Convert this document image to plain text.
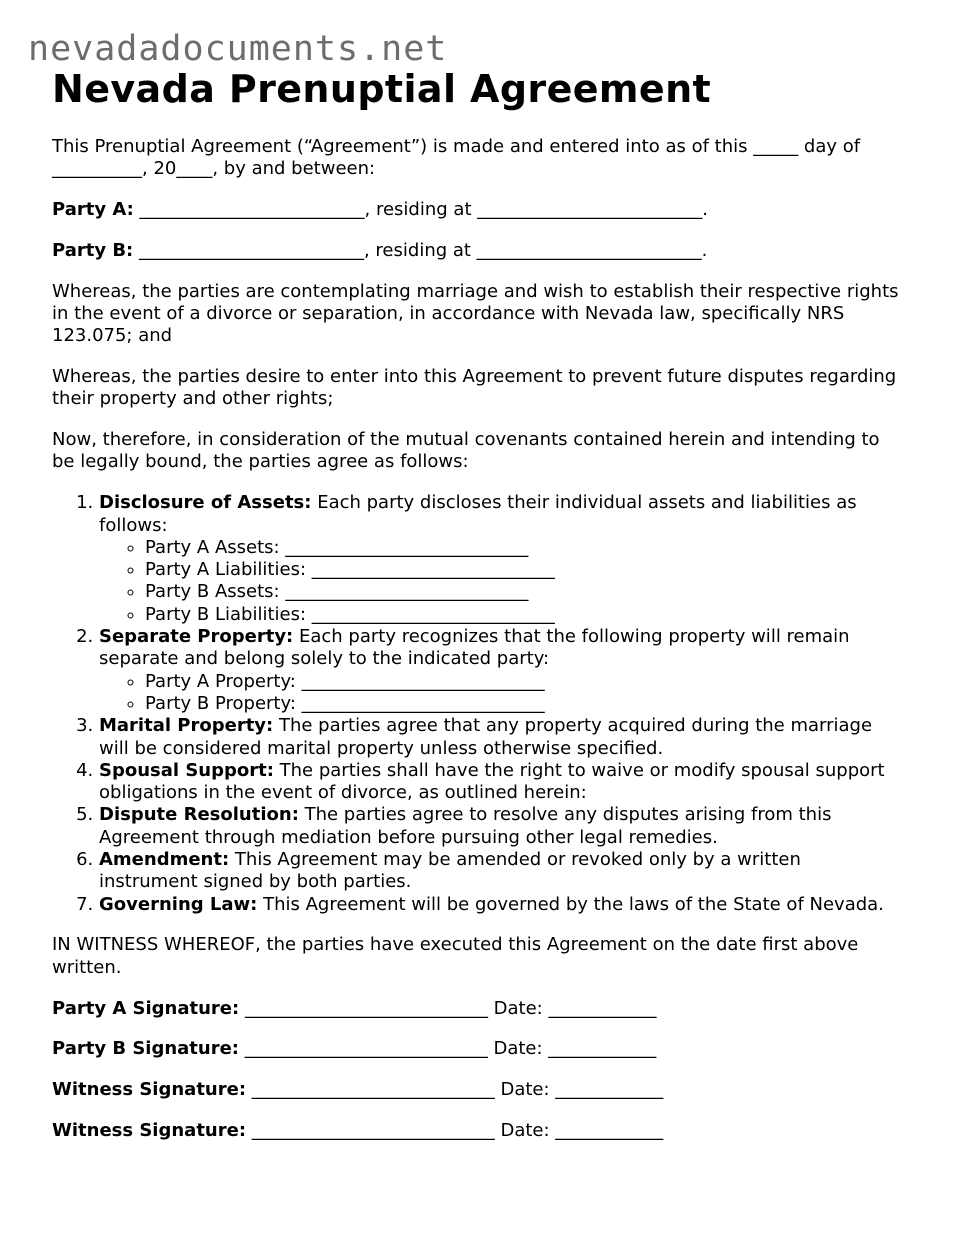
nevadadocuments.net
Nevada Prenuptial Agreement

This Prenuptial Agreement (“Agreement”) is made and entered into as of this _____ day of __________, 20____, by and between:

Party A: _________________________, residing at _________________________.

Party B: _________________________, residing at _________________________.

Whereas, the parties are contemplating marriage and wish to establish their respective rights in the event of a divorce or separation, in accordance with Nevada law, specifically NRS 123.075; and

Whereas, the parties desire to enter into this Agreement to prevent future disputes regarding their property and other rights;

Now, therefore, in consideration of the mutual covenants contained herein and intending to be legally bound, the parties agree as follows:

1. Disclosure of Assets: Each party discloses their individual assets and liabilities as follows:
◦ Party A Assets: ___________________________
◦ Party A Liabilities: ___________________________
◦ Party B Assets: ___________________________
◦ Party B Liabilities: ___________________________
2. Separate Property: Each party recognizes that the following property will remain separate and belong solely to the indicated party:
◦ Party A Property: ___________________________
◦ Party B Property: ___________________________
3. Marital Property: The parties agree that any property acquired during the marriage will be considered marital property unless otherwise specified.
4. Spousal Support: The parties shall have the right to waive or modify spousal support obligations in the event of divorce, as outlined herein:
5. Dispute Resolution: The parties agree to resolve any disputes arising from this Agreement through mediation before pursuing other legal remedies.
6. Amendment: This Agreement may be amended or revoked only by a written instrument signed by both parties.
7. Governing Law: This Agreement will be governed by the laws of the State of Nevada.

IN WITNESS WHEREOF, the parties have executed this Agreement on the date first above written.

Party A Signature: ___________________________ Date: ____________

Party B Signature: ___________________________ Date: ____________

Witness Signature: ___________________________ Date: ____________

Witness Signature: ___________________________ Date: ____________
